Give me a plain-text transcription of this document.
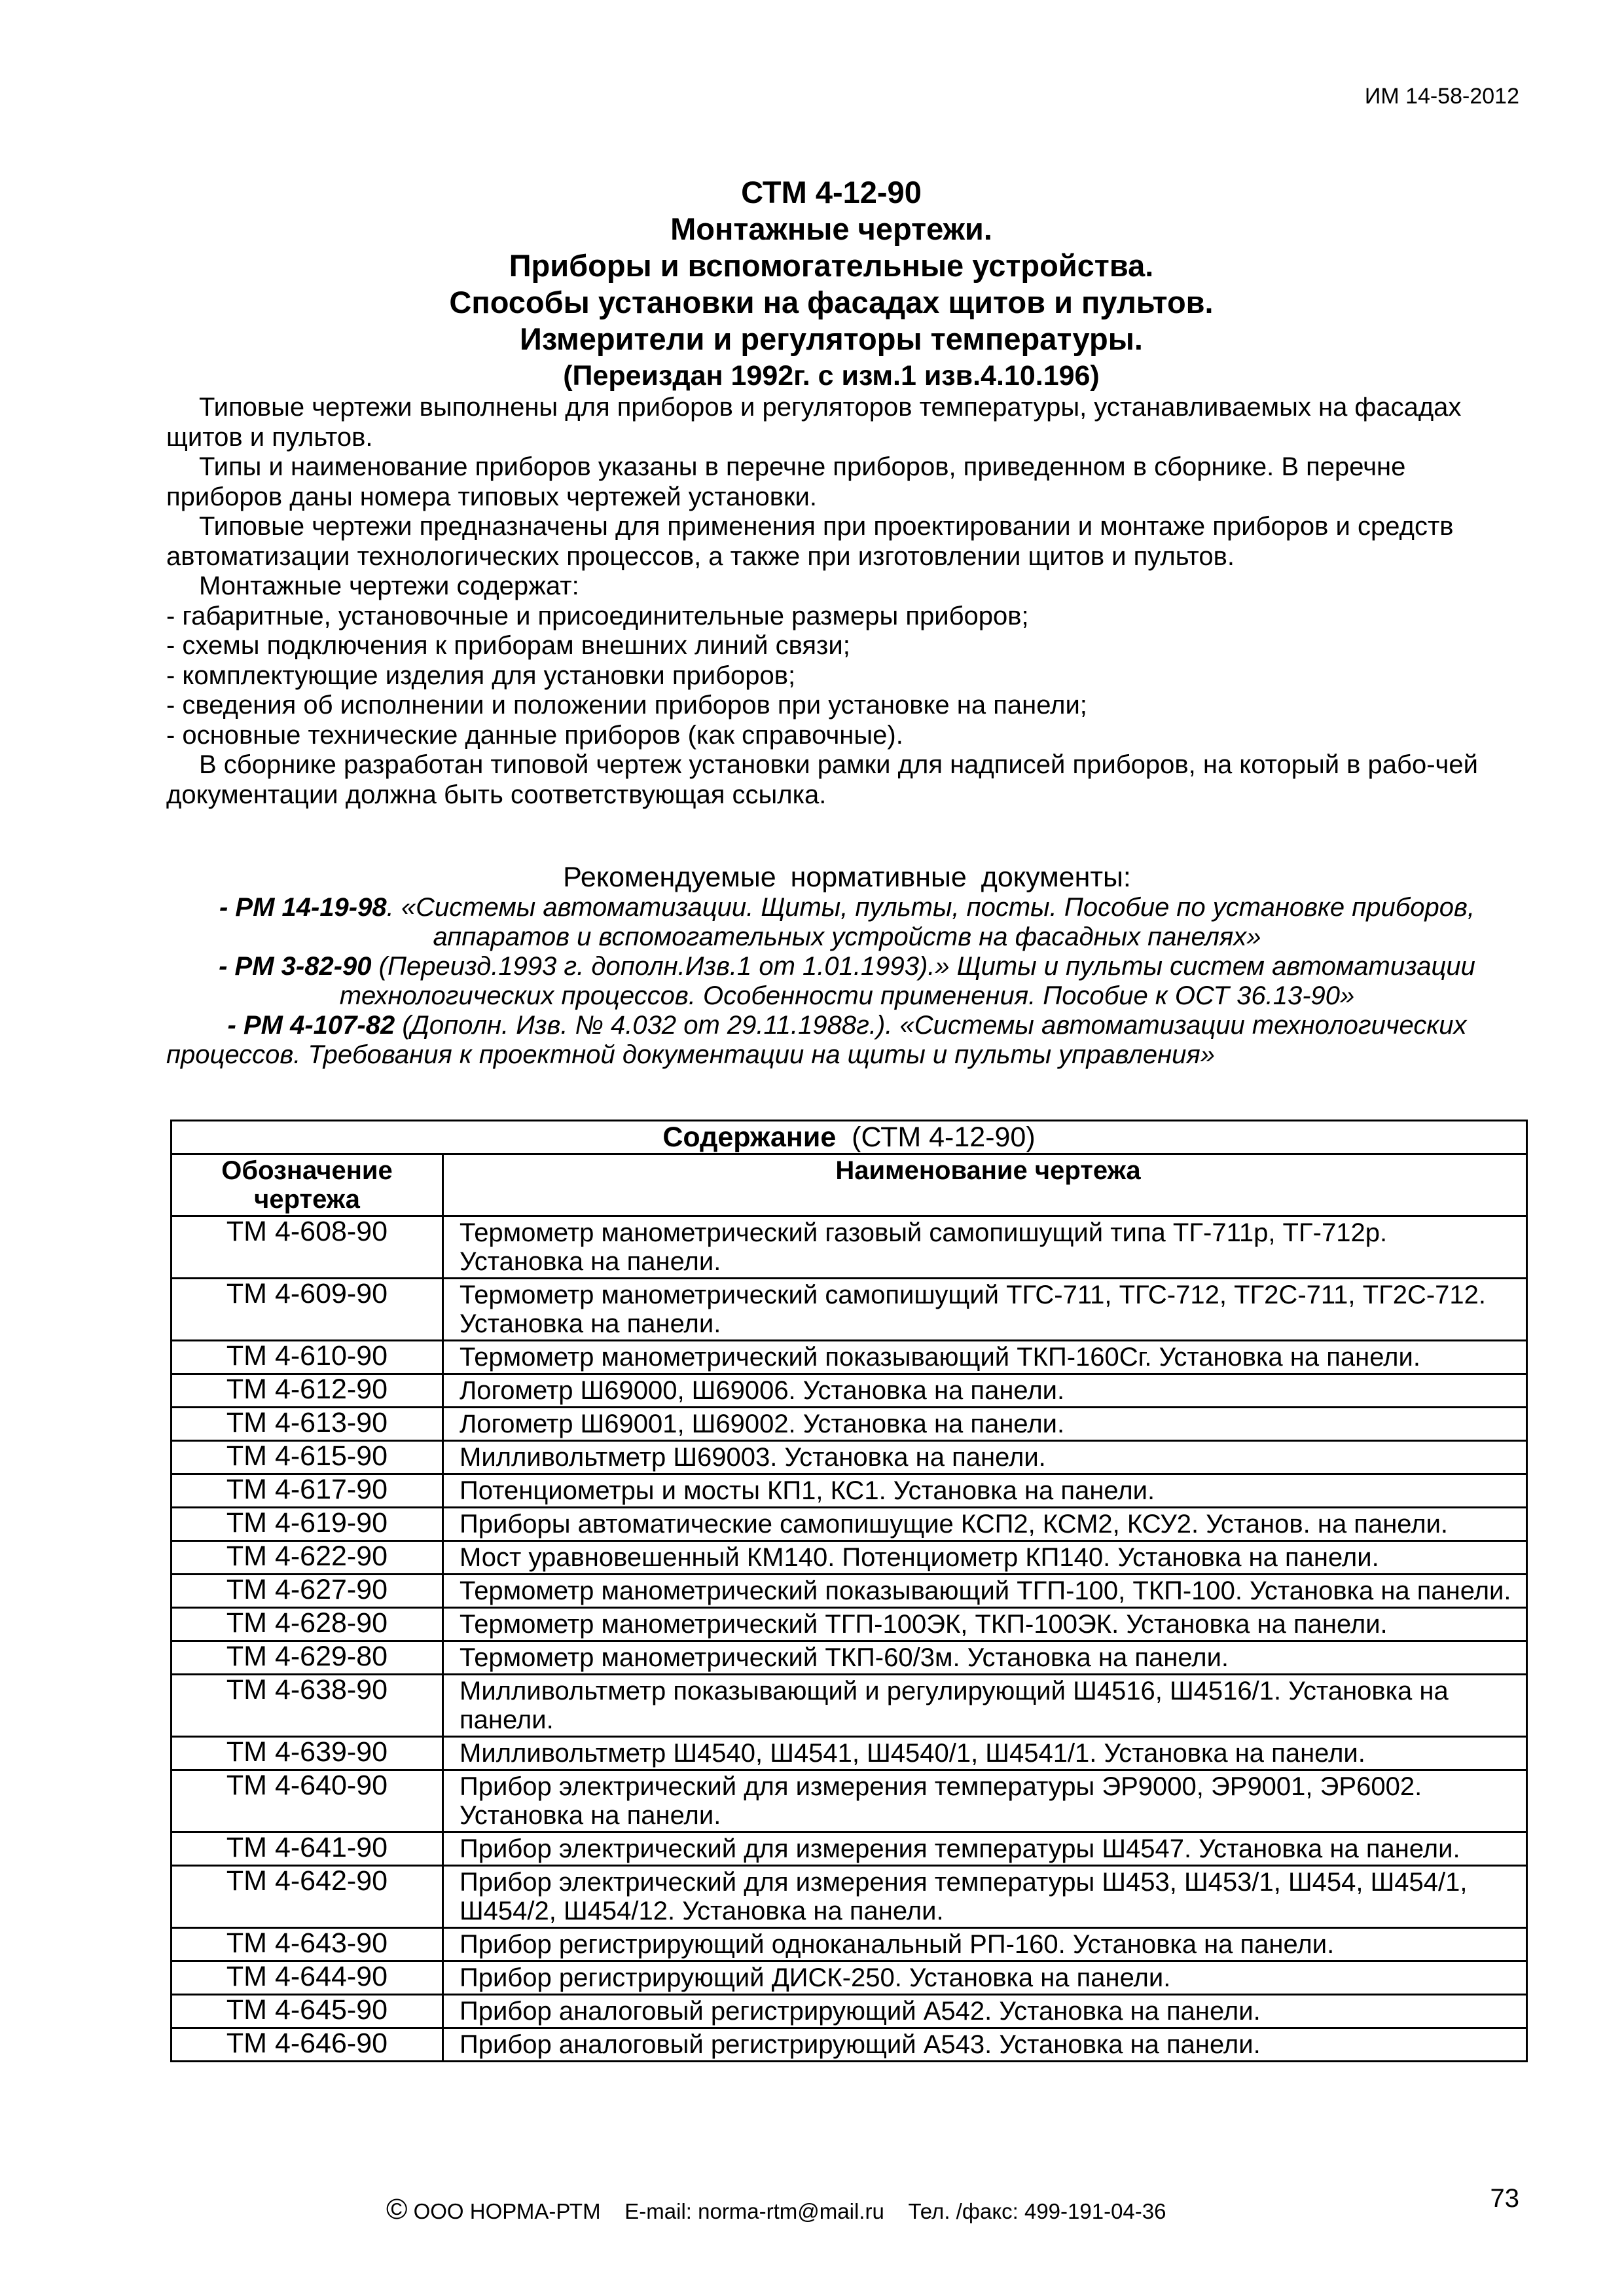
ИМ 14-58-2012
СТМ 4-12-90
Монтажные чертежи.
Приборы и вспомогательные устройства.
Способы установки на фасадах щитов и пультов.
Измерители и регуляторы температуры.
(Переиздан 1992г. с изм.1 изв.4.10.196)

Типовые чертежи выполнены для приборов и регуляторов температуры, устанавливаемых на фасадах щитов и пультов.

Типы и наименование приборов указаны в перечне приборов, приведенном в сборнике. В перечне приборов даны номера типовых чертежей установки.

Типовые чертежи предназначены для применения при проектировании и монтаже приборов и средств автоматизации технологических процессов, а также при изготовлении щитов и пультов.

Монтажные чертежи содержат:

- габаритные, установочные и присоединительные размеры приборов;

- схемы подключения к приборам внешних линий связи;

- комплектующие изделия для установки приборов;

- сведения об исполнении и положении приборов при установке на панели;

- основные технические данные приборов (как справочные).

В сборнике разработан типовой чертеж установки рамки для надписей приборов, на который в рабо-чей документации должна быть соответствующая ссылка.

Рекомендуемые нормативные документы:

- РМ 14-19-98. «Системы автоматизации. Щиты, пульты, посты. Пособие по установке приборов,

аппаратов и вспомогательных устройств на фасадных панелях»

- РМ 3-82-90 (Переизд.1993 г. дополн.Изв.1 от 1.01.1993).» Щиты и пульты систем автоматизации

технологических процессов. Особенности применения. Пособие к ОСТ 36.13-90»

- РМ 4-107-82 (Дополн. Изв. № 4.032 от 29.11.1988г.). «Системы автоматизации технологических

процессов. Требования к проектной документации на щиты и пульты управления»

Содержание (СТМ 4-12-90)	
Обозначение чертежа	Наименование чертежа
ТМ 4-608-90	Термометр манометрический газовый самопишущий типа ТГ-711р, ТГ-712р. Установка на панели.
ТМ 4-609-90	Термометр манометрический самопишущий ТГС-711, ТГС-712, ТГ2С-711, ТГ2С-712. Установка на панели.
ТМ 4-610-90	Термометр манометрический показывающий ТКП-160Сг. Установка на панели.
ТМ 4-612-90	Логометр Ш69000, Ш69006. Установка на панели.
ТМ 4-613-90	Логометр Ш69001, Ш69002. Установка на панели.
ТМ 4-615-90	Милливольтметр Ш69003. Установка на панели.
ТМ 4-617-90	Потенциометры и мосты КП1, КС1. Установка на панели.
ТМ 4-619-90	Приборы автоматические самопишущие КСП2, КСМ2, КСУ2. Установ. на панели.
ТМ 4-622-90	Мост уравновешенный КМ140. Потенциометр КП140. Установка на панели.
ТМ 4-627-90	Термометр манометрический показывающий ТГП-100, ТКП-100. Установка на панели.
ТМ 4-628-90	Термометр манометрический ТГП-100ЭК, ТКП-100ЭК. Установка на панели.
ТМ 4-629-80	Термометр манометрический ТКП-60/3м. Установка на панели.
ТМ 4-638-90	Милливольтметр показывающий и регулирующий Ш4516, Ш4516/1. Установка на панели.
ТМ 4-639-90	Милливольтметр Ш4540, Ш4541, Ш4540/1, Ш4541/1. Установка на панели.
ТМ 4-640-90	Прибор электрический для измерения температуры ЭР9000, ЭР9001, ЭР6002. Установка на панели.
ТМ 4-641-90	Прибор электрический для измерения температуры Ш4547. Установка на панели.
ТМ 4-642-90	Прибор электрический для измерения температуры Ш453, Ш453/1, Ш454, Ш454/1, Ш454/2, Ш454/12. Установка на панели.
ТМ 4-643-90	Прибор регистрирующий одноканальный РП-160. Установка на панели.
ТМ 4-644-90	Прибор регистрирующий ДИСК-250. Установка на панели.
ТМ 4-645-90	Прибор аналоговый регистрирующий А542. Установка на панели.
ТМ 4-646-90	Прибор аналоговый регистрирующий А543. Установка на панели.
© ООО НОРМА-РТМ E-mail: norma-rtm@mail.ru Тел. /факс: 499-191-04-36	73
